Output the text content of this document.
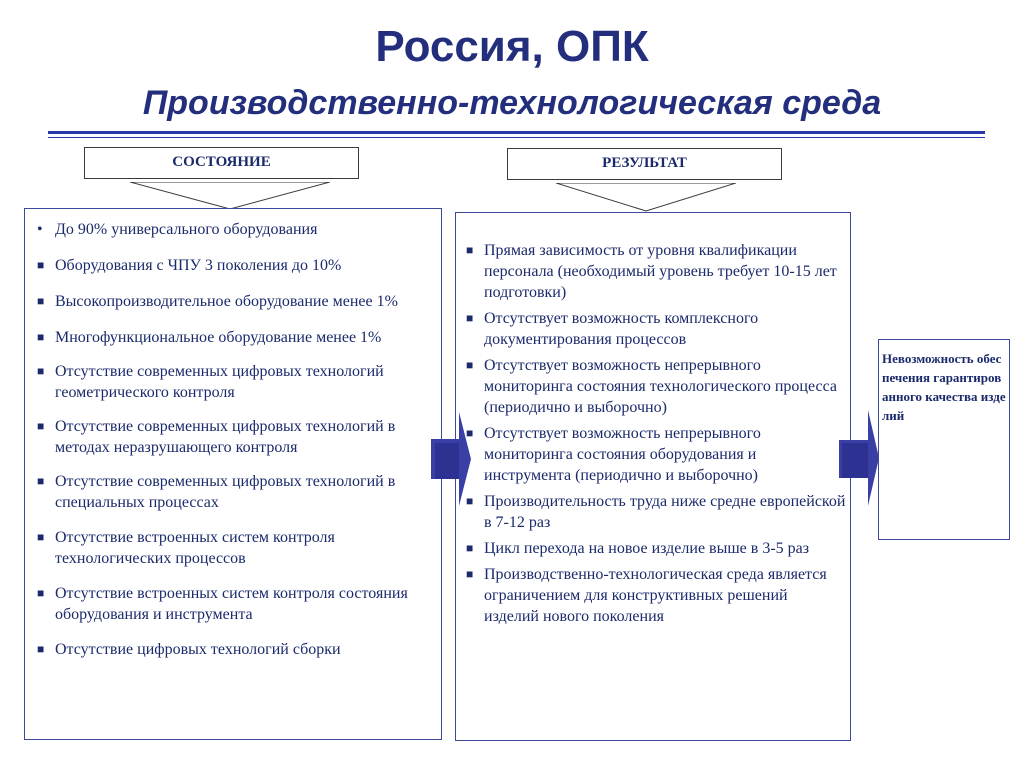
Россия, ОПК
Производственно-технологическая среда
СОСТОЯНИЕ	РЕЗУЛЬТАТ
• До 90% универсального оборудования
■ Оборудования с ЧПУ 3 поколения до 10%
■ Высокопроизводительное оборудование менее 1%
■ Многофункциональное оборудование менее 1%
■ Отсутствие современных цифровых технологий геометрического контроля
■ Отсутствие современных цифровых технологий в методах неразрушающего контроля
■ Отсутствие современных цифровых технологий в специальных процессах
■ Отсутствие встроенных систем контроля технологических процессов
■ Отсутствие встроенных систем контроля состояния оборудования и инструмента
■ Отсутствие цифровых технологий сборки
■ Прямая зависимость от уровня квалификации персонала (необходимый уровень требует 10-15 лет подготовки)
■ Отсутствует возможность комплексного документирования процессов
■ Отсутствует возможность непрерывного мониторинга состояния технологического процесса (периодично и выборочно)
■ Отсутствует возможность непрерывного мониторинга состояния оборудования и инструмента (периодично и выборочно)
■ Производительность труда ниже средне европейской в 7-12 раз
■ Цикл перехода на новое изделие выше в 3-5 раз
■ Производственно-технологическая среда является ограничением для конструктивных решений изделий нового поколения
Невозможность обеспечения гарантированного качества изделий
